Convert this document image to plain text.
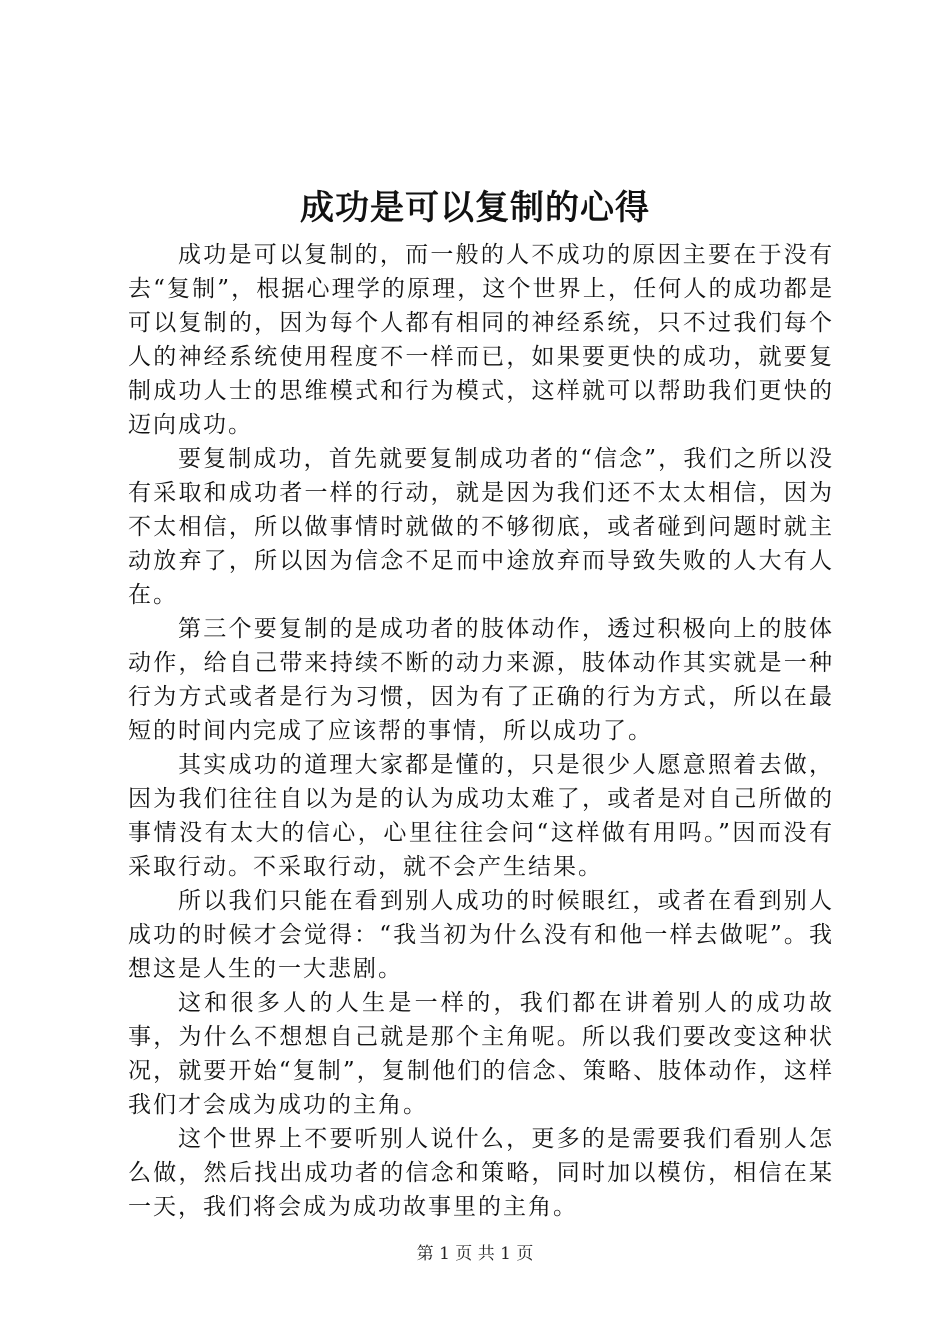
成功是可以复制的心得

成功是可以复制的，而一般的人不成功的原因主要在于没有去“复制”，根据心理学的原理，这个世界上，任何人的成功都是可以复制的，因为每个人都有相同的神经系统，只不过我们每个人的神经系统使用程度不一样而已，如果要更快的成功，就要复制成功人士的思维模式和行为模式，这样就可以帮助我们更快的迈向成功。

要复制成功，首先就要复制成功者的“信念”，我们之所以没有采取和成功者一样的行动，就是因为我们还不太太相信，因为不太相信，所以做事情时就做的不够彻底，或者碰到问题时就主动放弃了，所以因为信念不足而中途放弃而导致失败的人大有人在。

第三个要复制的是成功者的肢体动作，透过积极向上的肢体动作，给自己带来持续不断的动力来源，肢体动作其实就是一种行为方式或者是行为习惯，因为有了正确的行为方式，所以在最短的时间内完成了应该帮的事情，所以成功了。

其实成功的道理大家都是懂的，只是很少人愿意照着去做，因为我们往往自以为是的认为成功太难了，或者是对自己所做的事情没有太大的信心，心里往往会问“这样做有用吗。”因而没有采取行动。不采取行动，就不会产生结果。

所以我们只能在看到别人成功的时候眼红，或者在看到别人成功的时候才会觉得：“我当初为什么没有和他一样去做呢”。我想这是人生的一大悲剧。

这和很多人的人生是一样的，我们都在讲着别人的成功故事，为什么不想想自己就是那个主角呢。所以我们要改变这种状况，就要开始“复制”，复制他们的信念、策略、肢体动作，这样我们才会成为成功的主角。

这个世界上不要听别人说什么，更多的是需要我们看别人怎么做，然后找出成功者的信念和策略，同时加以模仿，相信在某一天，我们将会成为成功故事里的主角。

第 1 页 共 1 页
